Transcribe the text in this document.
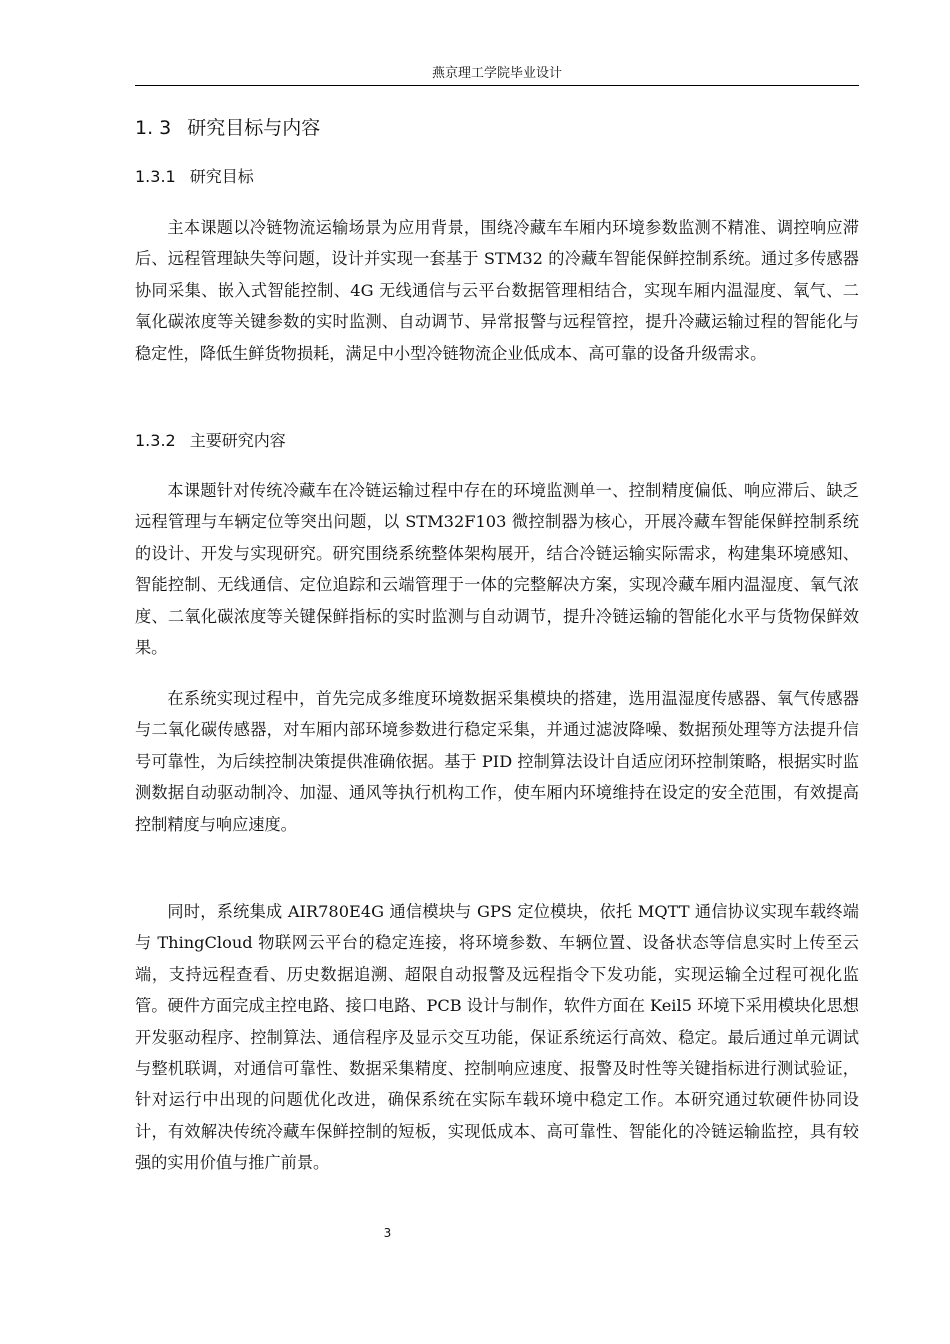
燕京理工学院毕业设计
1. 3 研究目标与内容
1.3.1 研究目标

主本课题以冷链物流运输场景为应用背景，围绕冷藏车车厢内环境参数监测不精准、调控响应滞后、远程管理缺失等问题，设计并实现一套基于 STM32 的冷藏车智能保鲜控制系统。通过多传感器协同采集、嵌入式智能控制、4G 无线通信与云平台数据管理相结合，实现车厢内温湿度、氧气、二氧化碳浓度等关键参数的实时监测、自动调节、异常报警与远程管控，提升冷藏运输过程的智能化与稳定性，降低生鲜货物损耗，满足中小型冷链物流企业低成本、高可靠的设备升级需求。

1.3.2 主要研究内容

本课题针对传统冷藏车在冷链运输过程中存在的环境监测单一、控制精度偏低、响应滞后、缺乏远程管理与车辆定位等突出问题，以 STM32F103 微控制器为核心，开展冷藏车智能保鲜控制系统的设计、开发与实现研究。研究围绕系统整体架构展开，结合冷链运输实际需求，构建集环境感知、智能控制、无线通信、定位追踪和云端管理于一体的完整解决方案，实现冷藏车厢内温湿度、氧气浓度、二氧化碳浓度等关键保鲜指标的实时监测与自动调节，提升冷链运输的智能化水平与货物保鲜效果。

在系统实现过程中，首先完成多维度环境数据采集模块的搭建，选用温湿度传感器、氧气传感器与二氧化碳传感器，对车厢内部环境参数进行稳定采集，并通过滤波降噪、数据预处理等方法提升信号可靠性，为后续控制决策提供准确依据。基于 PID 控制算法设计自适应闭环控制策略，根据实时监测数据自动驱动制冷、加湿、通风等执行机构工作，使车厢内环境维持在设定的安全范围，有效提高控制精度与响应速度。

同时，系统集成 AIR780E4G 通信模块与 GPS 定位模块，依托 MQTT 通信协议实现车载终端与 ThingCloud 物联网云平台的稳定连接，将环境参数、车辆位置、设备状态等信息实时上传至云端，支持远程查看、历史数据追溯、超限自动报警及远程指令下发功能，实现运输全过程可视化监管。硬件方面完成主控电路、接口电路、PCB 设计与制作，软件方面在 Keil5 环境下采用模块化思想开发驱动程序、控制算法、通信程序及显示交互功能，保证系统运行高效、稳定。最后通过单元调试与整机联调，对通信可靠性、数据采集精度、控制响应速度、报警及时性等关键指标进行测试验证，针对运行中出现的问题优化改进，确保系统在实际车载环境中稳定工作。本研究通过软硬件协同设计，有效解决传统冷藏车保鲜控制的短板，实现低成本、高可靠性、智能化的冷链运输监控，具有较强的实用价值与推广前景。

3
